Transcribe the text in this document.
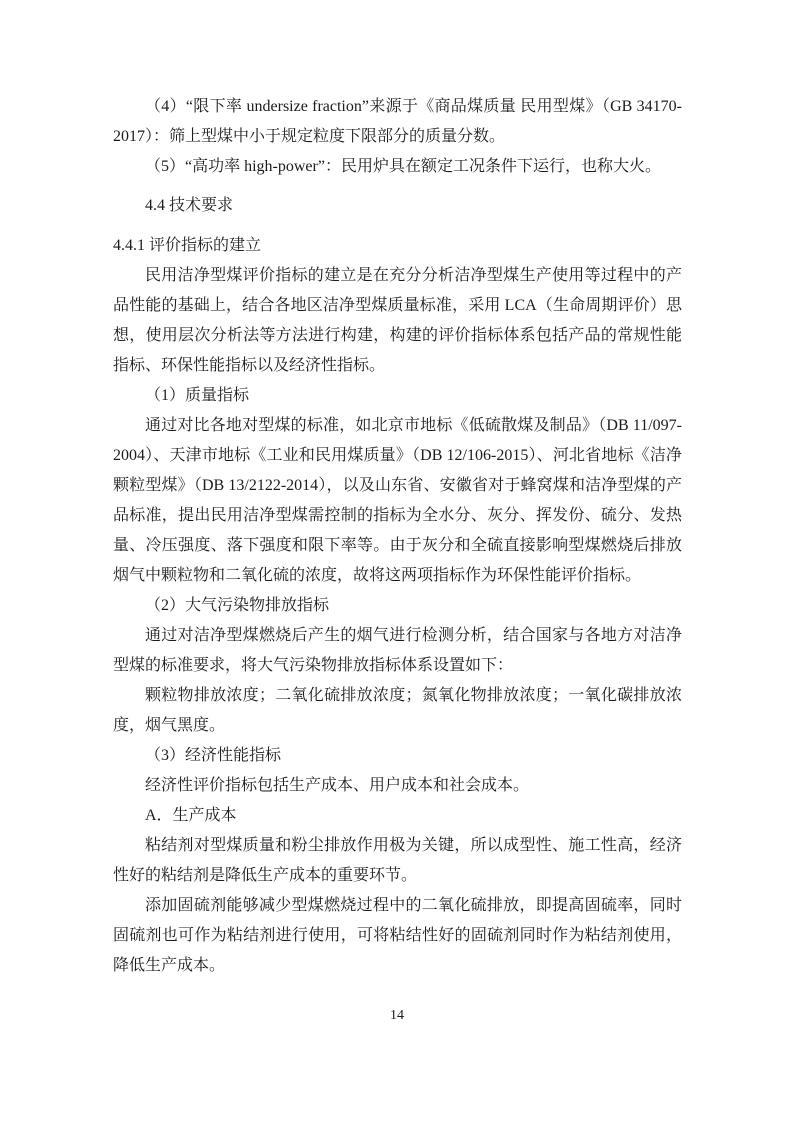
（4）“限下率 undersize fraction”来源于《商品煤质量 民用型煤》（GB 34170-2017）：筛上型煤中小于规定粒度下限部分的质量分数。

（5）“高功率 high-power”：民用炉具在额定工况条件下运行，也称大火。

4.4 技术要求
4.4.1 评价指标的建立

民用洁净型煤评价指标的建立是在充分分析洁净型煤生产使用等过程中的产品性能的基础上，结合各地区洁净型煤质量标准，采用 LCA（生命周期评价）思想，使用层次分析法等方法进行构建，构建的评价指标体系包括产品的常规性能指标、环保性能指标以及经济性指标。

（1）质量指标

通过对比各地对型煤的标准，如北京市地标《低硫散煤及制品》（DB 11/097-2004）、天津市地标《工业和民用煤质量》（DB 12/106-2015）、河北省地标《洁净颗粒型煤》（DB 13/2122-2014），以及山东省、安徽省对于蜂窝煤和洁净型煤的产品标准，提出民用洁净型煤需控制的指标为全水分、灰分、挥发份、硫分、发热量、冷压强度、落下强度和限下率等。由于灰分和全硫直接影响型煤燃烧后排放烟气中颗粒物和二氧化硫的浓度，故将这两项指标作为环保性能评价指标。

（2）大气污染物排放指标

通过对洁净型煤燃烧后产生的烟气进行检测分析，结合国家与各地方对洁净型煤的标准要求，将大气污染物排放指标体系设置如下：

颗粒物排放浓度；二氧化硫排放浓度；氮氧化物排放浓度；一氧化碳排放浓度，烟气黑度。

（3）经济性能指标

经济性评价指标包括生产成本、用户成本和社会成本。

A．生产成本

粘结剂对型煤质量和粉尘排放作用极为关键，所以成型性、施工性高，经济性好的粘结剂是降低生产成本的重要环节。

添加固硫剂能够减少型煤燃烧过程中的二氧化硫排放，即提高固硫率，同时固硫剂也可作为粘结剂进行使用，可将粘结性好的固硫剂同时作为粘结剂使用，降低生产成本。

14
